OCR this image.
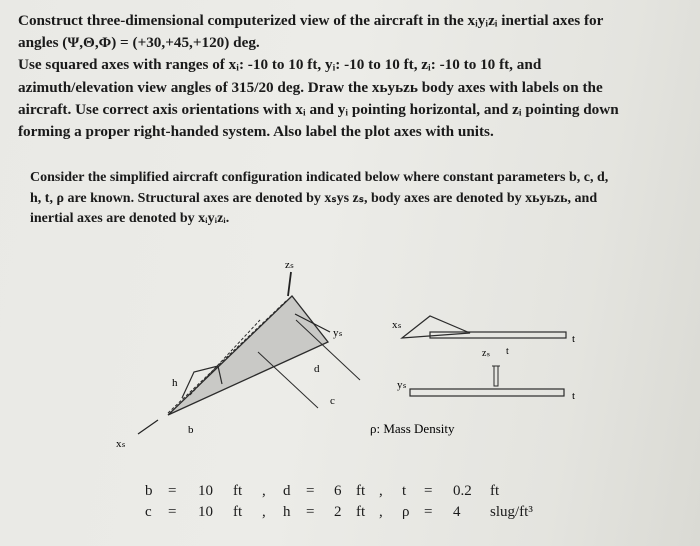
Construct three-dimensional computerized view of the aircraft in the xᵢyᵢzᵢ inertial axes for

angles (Ψ,Θ,Φ) = (+30,+45,+120) deg.

Use squared axes with ranges of xᵢ: -10 to 10 ft, yᵢ: -10 to 10 ft, zᵢ: -10 to 10 ft, and

azimuth/elevation view angles of 315/20 deg. Draw the xьyьzь body axes with labels on the

aircraft. Use correct axis orientations with xᵢ and yᵢ pointing horizontal, and zᵢ pointing down

forming a proper right-handed system. Also label the plot axes with units.

Consider the simplified aircraft configuration indicated below where constant parameters b, c, d,

h, t, ρ are known. Structural axes are denoted by xₛys zₛ, body axes are denoted by xьyьzь, and

inertial axes are denoted by xᵢyᵢzᵢ.

zₛ
yₛ
xₛ
h
b
d
c
xₛ
t
zₛ t
yₛ
t
ρ: Mass Density
b = 10 ft , d = 6 ft , t = 0.2 ft
c = 10 ft , h = 2 ft , ρ = 4 slug/ft³
